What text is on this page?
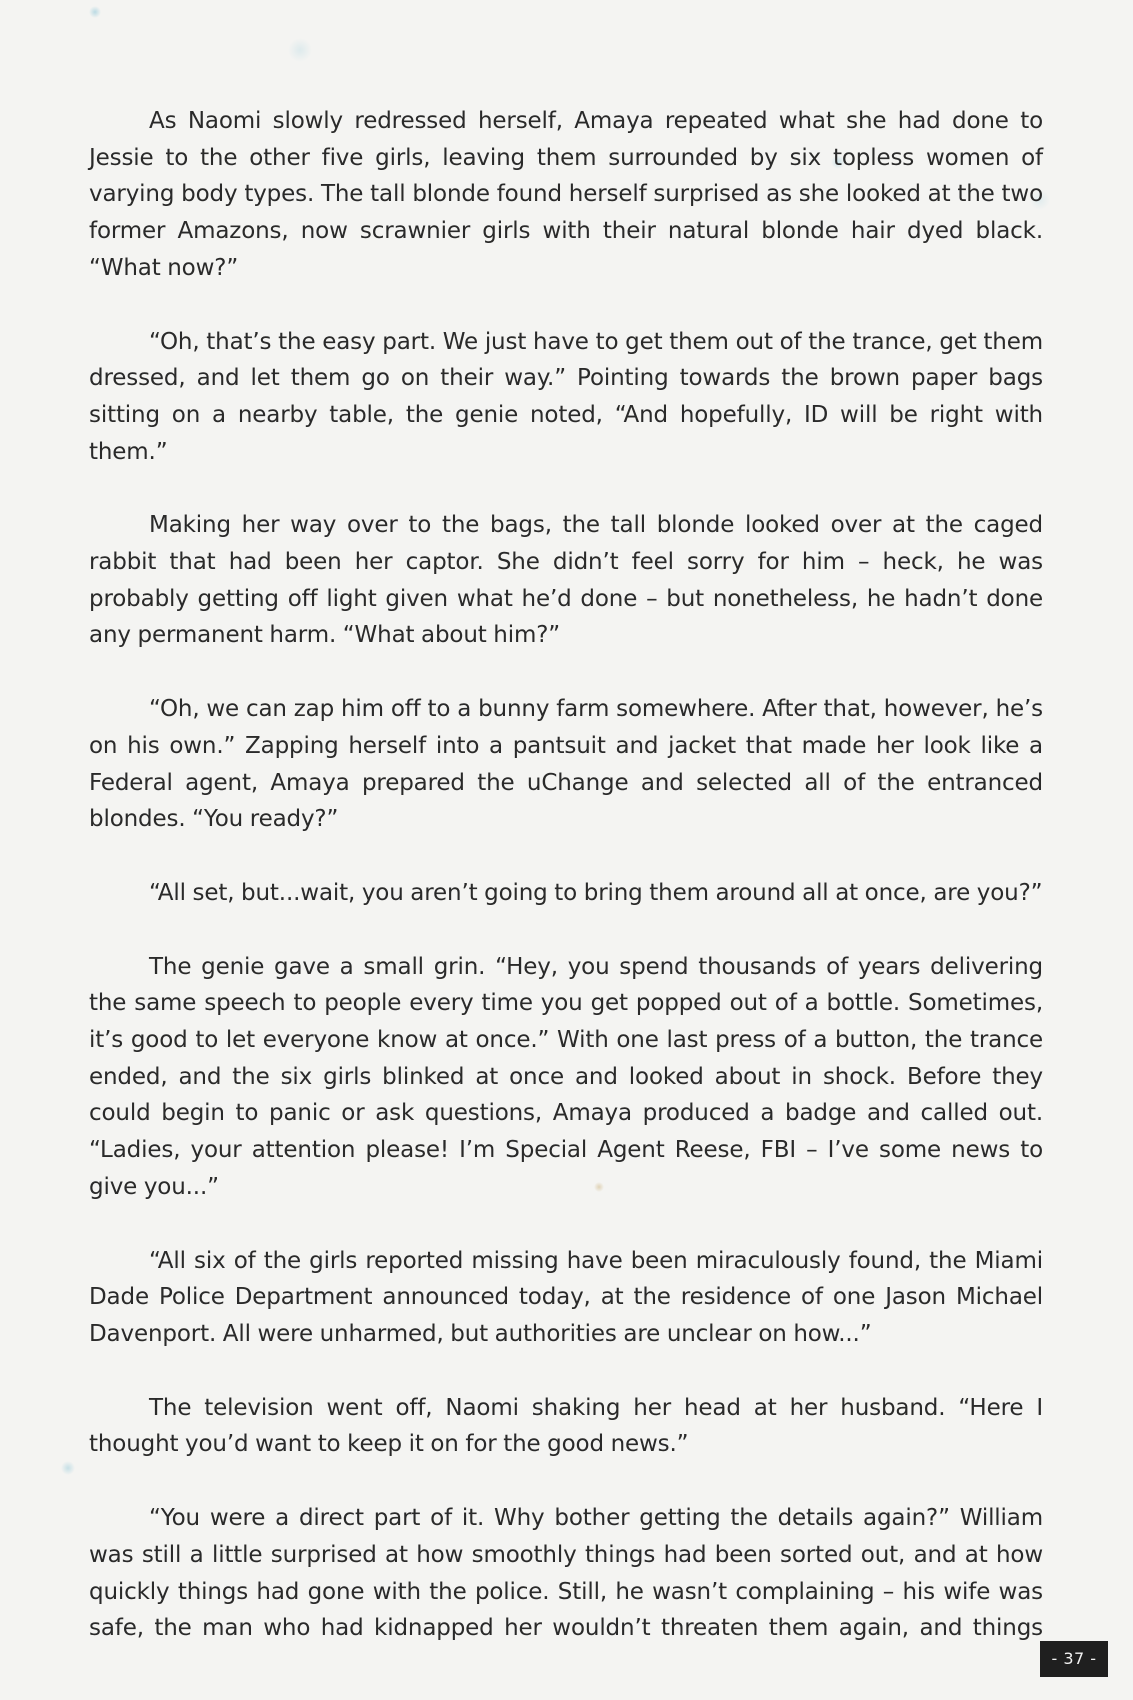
As Naomi slowly redressed herself, Amaya repeated what she had done to Jessie to the other five girls, leaving them surrounded by six topless women of varying body types. The tall blonde found herself surprised as she looked at the two former Amazons, now scrawnier girls with their natural blonde hair dyed black. “What now?”

“Oh, that’s the easy part. We just have to get them out of the trance, get them dressed, and let them go on their way.” Pointing towards the brown paper bags sitting on a nearby table, the genie noted, “And hopefully, ID will be right with them.”

Making her way over to the bags, the tall blonde looked over at the caged rabbit that had been her captor. She didn’t feel sorry for him – heck, he was probably getting off light given what he’d done – but nonetheless, he hadn’t done any permanent harm. “What about him?”

“Oh, we can zap him off to a bunny farm somewhere. After that, however, he’s on his own.” Zapping herself into a pantsuit and jacket that made her look like a Federal agent, Amaya prepared the uChange and selected all of the entranced blondes. “You ready?”

“All set, but...wait, you aren’t going to bring them around all at once, are you?”

The genie gave a small grin. “Hey, you spend thousands of years delivering the same speech to people every time you get popped out of a bottle. Sometimes, it’s good to let everyone know at once.” With one last press of a button, the trance ended, and the six girls blinked at once and looked about in shock. Before they could begin to panic or ask questions, Amaya produced a badge and called out. “Ladies, your attention please! I’m Special Agent Reese, FBI – I’ve some news to give you...”

“All six of the girls reported missing have been miraculously found, the Miami Dade Police Department announced today, at the residence of one Jason Michael Davenport. All were unharmed, but authorities are unclear on how...”

The television went off, Naomi shaking her head at her husband. “Here I thought you’d want to keep it on for the good news.”

“You were a direct part of it. Why bother getting the details again?” William was still a little surprised at how smoothly things had been sorted out, and at how quickly things had gone with the police. Still, he wasn’t complaining – his wife was safe, the man who had kidnapped her wouldn’t threaten them again, and things

- 37 -
